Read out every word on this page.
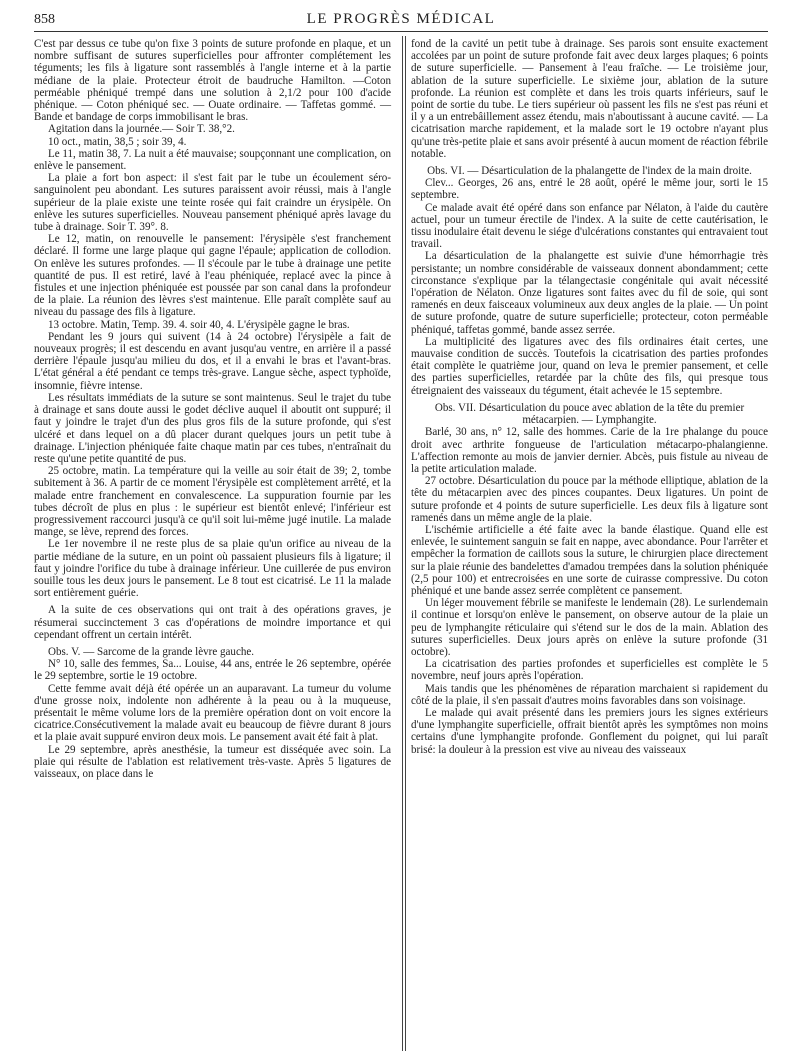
858	LE PROGRÈS MÉDICAL

C'est par dessus ce tube qu'on fixe 3 points de suture profonde en plaque, et un nombre suffisant de sutures superficielles pour affronter complétement les téguments; les fils à ligature sont rassemblés à l'angle interne et à la partie médiane de la plaie. Protecteur étroit de baudruche Hamilton. —Coton perméable phéniqué trempé dans une solution à 2,1/2 pour 100 d'acide phénique. — Coton phéniqué sec. — Ouate ordinaire. — Taffetas gommé. — Bande et bandage de corps immobilisant le bras.

Agitation dans la journée.— Soir T. 38,°2.

10 oct., matin, 38,5 ; soir 39, 4.

Le 11, matin 38, 7. La nuit a été mauvaise; soupçonnant une complication, on enlève le pansement.

La plaie a fort bon aspect: il s'est fait par le tube un écoulement séro-sanguinolent peu abondant. Les sutures paraissent avoir réussi, mais à l'angle supérieur de la plaie existe une teinte rosée qui fait craindre un érysipèle. On enlève les sutures superficielles. Nouveau pansement phéniqué après lavage du tube à drainage. Soir T. 39°. 8.

Le 12, matin, on renouvelle le pansement: l'érysipèle s'est franchement déclaré. Il forme une large plaque qui gagne l'épaule; application de collodion. On enlève les sutures profondes. — Il s'écoule par le tube à drainage une petite quantité de pus. Il est retiré, lavé à l'eau phéniquée, replacé avec la pince à fistules et une injection phéniquée est poussée par son canal dans la profondeur de la plaie. La réunion des lèvres s'est maintenue. Elle paraît complète sauf au niveau du passage des fils à ligature.

13 octobre. Matin, Temp. 39. 4. soir 40, 4. L'érysipèle gagne le bras.

Pendant les 9 jours qui suivent (14 à 24 octobre) l'érysipèle a fait de nouveaux progrès; il est descendu en avant jusqu'au ventre, en arrière il a passé derrière l'épaule jusqu'au milieu du dos, et il a envahi le bras et l'avant-bras. L'état général a été pendant ce temps très-grave. Langue sèche, aspect typhoïde, insomnie, fièvre intense.

Les résultats immédiats de la suture se sont maintenus. Seul le trajet du tube à drainage et sans doute aussi le godet déclive auquel il aboutit ont suppuré; il faut y joindre le trajet d'un des plus gros fils de la suture profonde, qui s'est ulcéré et dans lequel on a dû placer durant quelques jours un petit tube à drainage. L'injection phéniquée faite chaque matin par ces tubes, n'entraînait du reste qu'une petite quantité de pus.

25 octobre, matin. La température qui la veille au soir était de 39; 2, tombe subitement à 36. A partir de ce moment l'érysipèle est complètement arrêté, et la malade entre franchement en convalescence. La suppuration fournie par les tubes décroît de plus en plus : le supérieur est bientôt enlevé; l'inférieur est progressivement raccourci jusqu'à ce qu'il soit lui-même jugé inutile. La malade mange, se lève, reprend des forces.

Le 1er novembre il ne reste plus de sa plaie qu'un orifice au niveau de la partie médiane de la suture, en un point où passaient plusieurs fils à ligature; il faut y joindre l'orifice du tube à drainage inférieur. Une cuillerée de pus environ souille tous les deux jours le pansement. Le 8 tout est cicatrisé. Le 11 la malade sort entièrement guérie.

A la suite de ces observations qui ont trait à des opérations graves, je résumerai succinctement 3 cas d'opérations de moindre importance et qui cependant offrent un certain intérêt.

Obs. V. — Sarcome de la grande lèvre gauche.

N° 10, salle des femmes, Sa... Louise, 44 ans, entrée le 26 septembre, opérée le 29 septembre, sortie le 19 octobre.

Cette femme avait déjà été opérée un an auparavant. La tumeur du volume d'une grosse noix, indolente non adhérente à la peau ou à la muqueuse, présentait le même volume lors de la première opération dont on voit encore la cicatrice.Consécutivement la malade avait eu beaucoup de fièvre durant 8 jours et la plaie avait suppuré environ deux mois. Le pansement avait été fait à plat.

Le 29 septembre, après anesthésie, la tumeur est disséquée avec soin. La plaie qui résulte de l'ablation est relativement très-vaste. Après 5 ligatures de vaisseaux, on place dans le

fond de la cavité un petit tube à drainage. Ses parois sont ensuite exactement accolées par un point de suture profonde fait avec deux larges plaques; 6 points de suture superficielle. — Pansement à l'eau fraîche. — Le troisième jour, ablation de la suture superficielle. Le sixième jour, ablation de la suture profonde. La réunion est complète et dans les trois quarts inférieurs, sauf le point de sortie du tube. Le tiers supérieur où passent les fils ne s'est pas réuni et il y a un entrebâillement assez étendu, mais n'aboutissant à aucune cavité. — La cicatrisation marche rapidement, et la malade sort le 19 octobre n'ayant plus qu'une très-petite plaie et sans avoir présenté à aucun moment de réaction fébrile notable.

Obs. VI. — Désarticulation de la phalangette de l'index de la main droite.

Clev... Georges, 26 ans, entré le 28 août, opéré le même jour, sorti le 15 septembre.

Ce malade avait été opéré dans son enfance par Nélaton, à l'aide du cautère actuel, pour un tumeur érectile de l'index. A la suite de cette cautérisation, le tissu inodulaire était devenu le siége d'ulcérations constantes qui entravaient tout travail.

La désarticulation de la phalangette est suivie d'une hémorrhagie très persistante; un nombre considérable de vaisseaux donnent abondamment; cette circonstance s'explique par la télangectasie congénitale qui avait nécessité l'opération de Nélaton. Onze ligatures sont faites avec du fil de soie, qui sont ramenés en deux faisceaux volumineux aux deux angles de la plaie. — Un point de suture profonde, quatre de suture superficielle; protecteur, coton perméable phéniqué, taffetas gommé, bande assez serrée.

La multiplicité des ligatures avec des fils ordinaires était certes, une mauvaise condition de succès. Toutefois la cicatrisation des parties profondes était complète le quatrième jour, quand on leva le premier pansement, et celle des parties superficielles, retardée par la chûte des fils, qui presque tous étreignaient des vaisseaux du tégument, était achevée le 15 septembre.

Obs. VII. Désarticulation du pouce avec ablation de la tête du premier métacarpien. — Lymphangite.

Barlé, 30 ans, n° 12, salle des hommes. Carie de la 1re phalange du pouce droit avec arthrite fongueuse de l'articulation métacarpo-phalangienne. L'affection remonte au mois de janvier dernier. Abcès, puis fistule au niveau de la petite articulation malade.

27 octobre. Désarticulation du pouce par la méthode elliptique, ablation de la tête du métacarpien avec des pinces coupantes. Deux ligatures. Un point de suture profonde et 4 points de suture superficielle. Les deux fils à ligature sont ramenés dans un même angle de la plaie.

L'ischémie artificielle a été faite avec la bande élastique. Quand elle est enlevée, le suintement sanguin se fait en nappe, avec abondance. Pour l'arrêter et empêcher la formation de caillots sous la suture, le chirurgien place directement sur la plaie réunie des bandelettes d'amadou trempées dans la solution phéniquée (2,5 pour 100) et entrecroisées en une sorte de cuirasse compressive. Du coton phéniqué et une bande assez serrée complètent ce pansement.

Un léger mouvement fébrile se manifeste le lendemain (28). Le surlendemain il continue et lorsqu'on enlève le pansement, on observe autour de la plaie un peu de lymphangite réticulaire qui s'étend sur le dos de la main. Ablation des sutures superficielles. Deux jours après on enlève la suture profonde (31 octobre).

La cicatrisation des parties profondes et superficielles est complète le 5 novembre, neuf jours après l'opération.

Mais tandis que les phénomènes de réparation marchaient si rapidement du côté de la plaie, il s'en passait d'autres moins favorables dans son voisinage.

Le malade qui avait présenté dans les premiers jours les signes extérieurs d'une lymphangite superficielle, offrait bientôt après les symptômes non moins certains d'une lymphangite profonde. Gonflement du poignet, qui lui paraît brisé: la douleur à la pression est vive au niveau des vaisseaux
